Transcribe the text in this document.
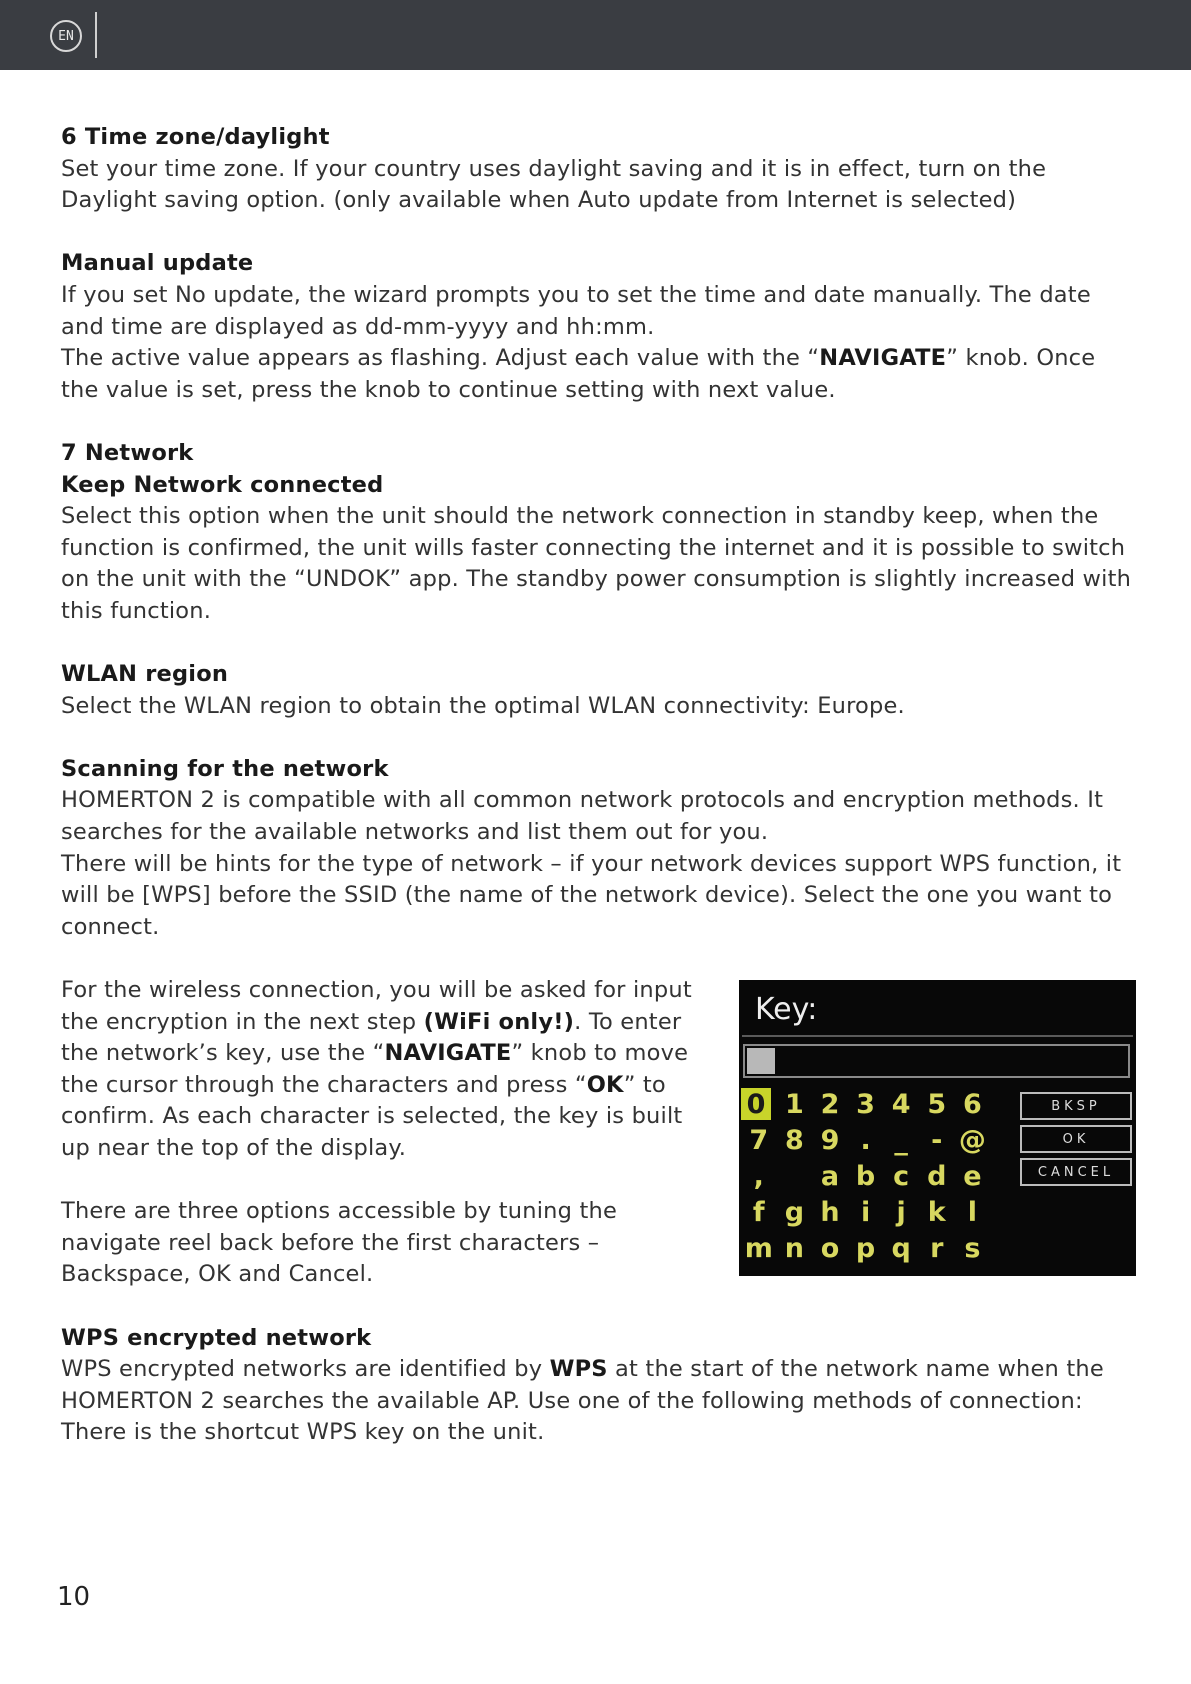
EN

6 Time zone/daylight

Set your time zone. If your country uses daylight saving and it is in effect, turn on the Daylight saving option. (only available when Auto update from Internet is selected)

Manual update

If you set No update, the wizard prompts you to set the time and date manually. The date and time are displayed as dd-mm-yyyy and hh:mm.

The active value appears as flashing. Adjust each value with the “NAVIGATE” knob. Once the value is set, press the knob to continue setting with next value.

7 Network

Keep Network connected

Select this option when the unit should the network connection in standby keep, when the function is confirmed, the unit wills faster connecting the internet and it is possible to switch on the unit with the “UNDOK” app. The standby power consumption is slightly increased with this function.

WLAN region

Select the WLAN region to obtain the optimal WLAN connectivity: Europe.

Scanning for the network

HOMERTON 2 is compatible with all common network protocols and encryption methods. It searches for the available networks and list them out for you.

There will be hints for the type of network – if your network devices support WPS function, it will be [WPS] before the SSID (the name of the network device). Select the one you want to connect.

For the wireless connection, you will be asked for input the encryption in the next step (WiFi only!). To enter the network’s key, use the “NAVIGATE” knob to move the cursor through the characters and press “OK” to confirm. As each character is selected, the key is built up near the top of the display.

There are three options accessible by tuning the navigate reel back before the first characters – Backspace, OK and Cancel.

WPS encrypted network

WPS encrypted networks are identified by WPS at the start of the network name when the HOMERTON 2 searches the available AP. Use one of the following methods of connection:

There is the shortcut WPS key on the unit.

Key:
0 1 2 3 4 5 6
7 8 9 . _ - @
,	a b c d e
f g h i j k l
m n o p q r s
BKSP
OK
CANCEL
10
